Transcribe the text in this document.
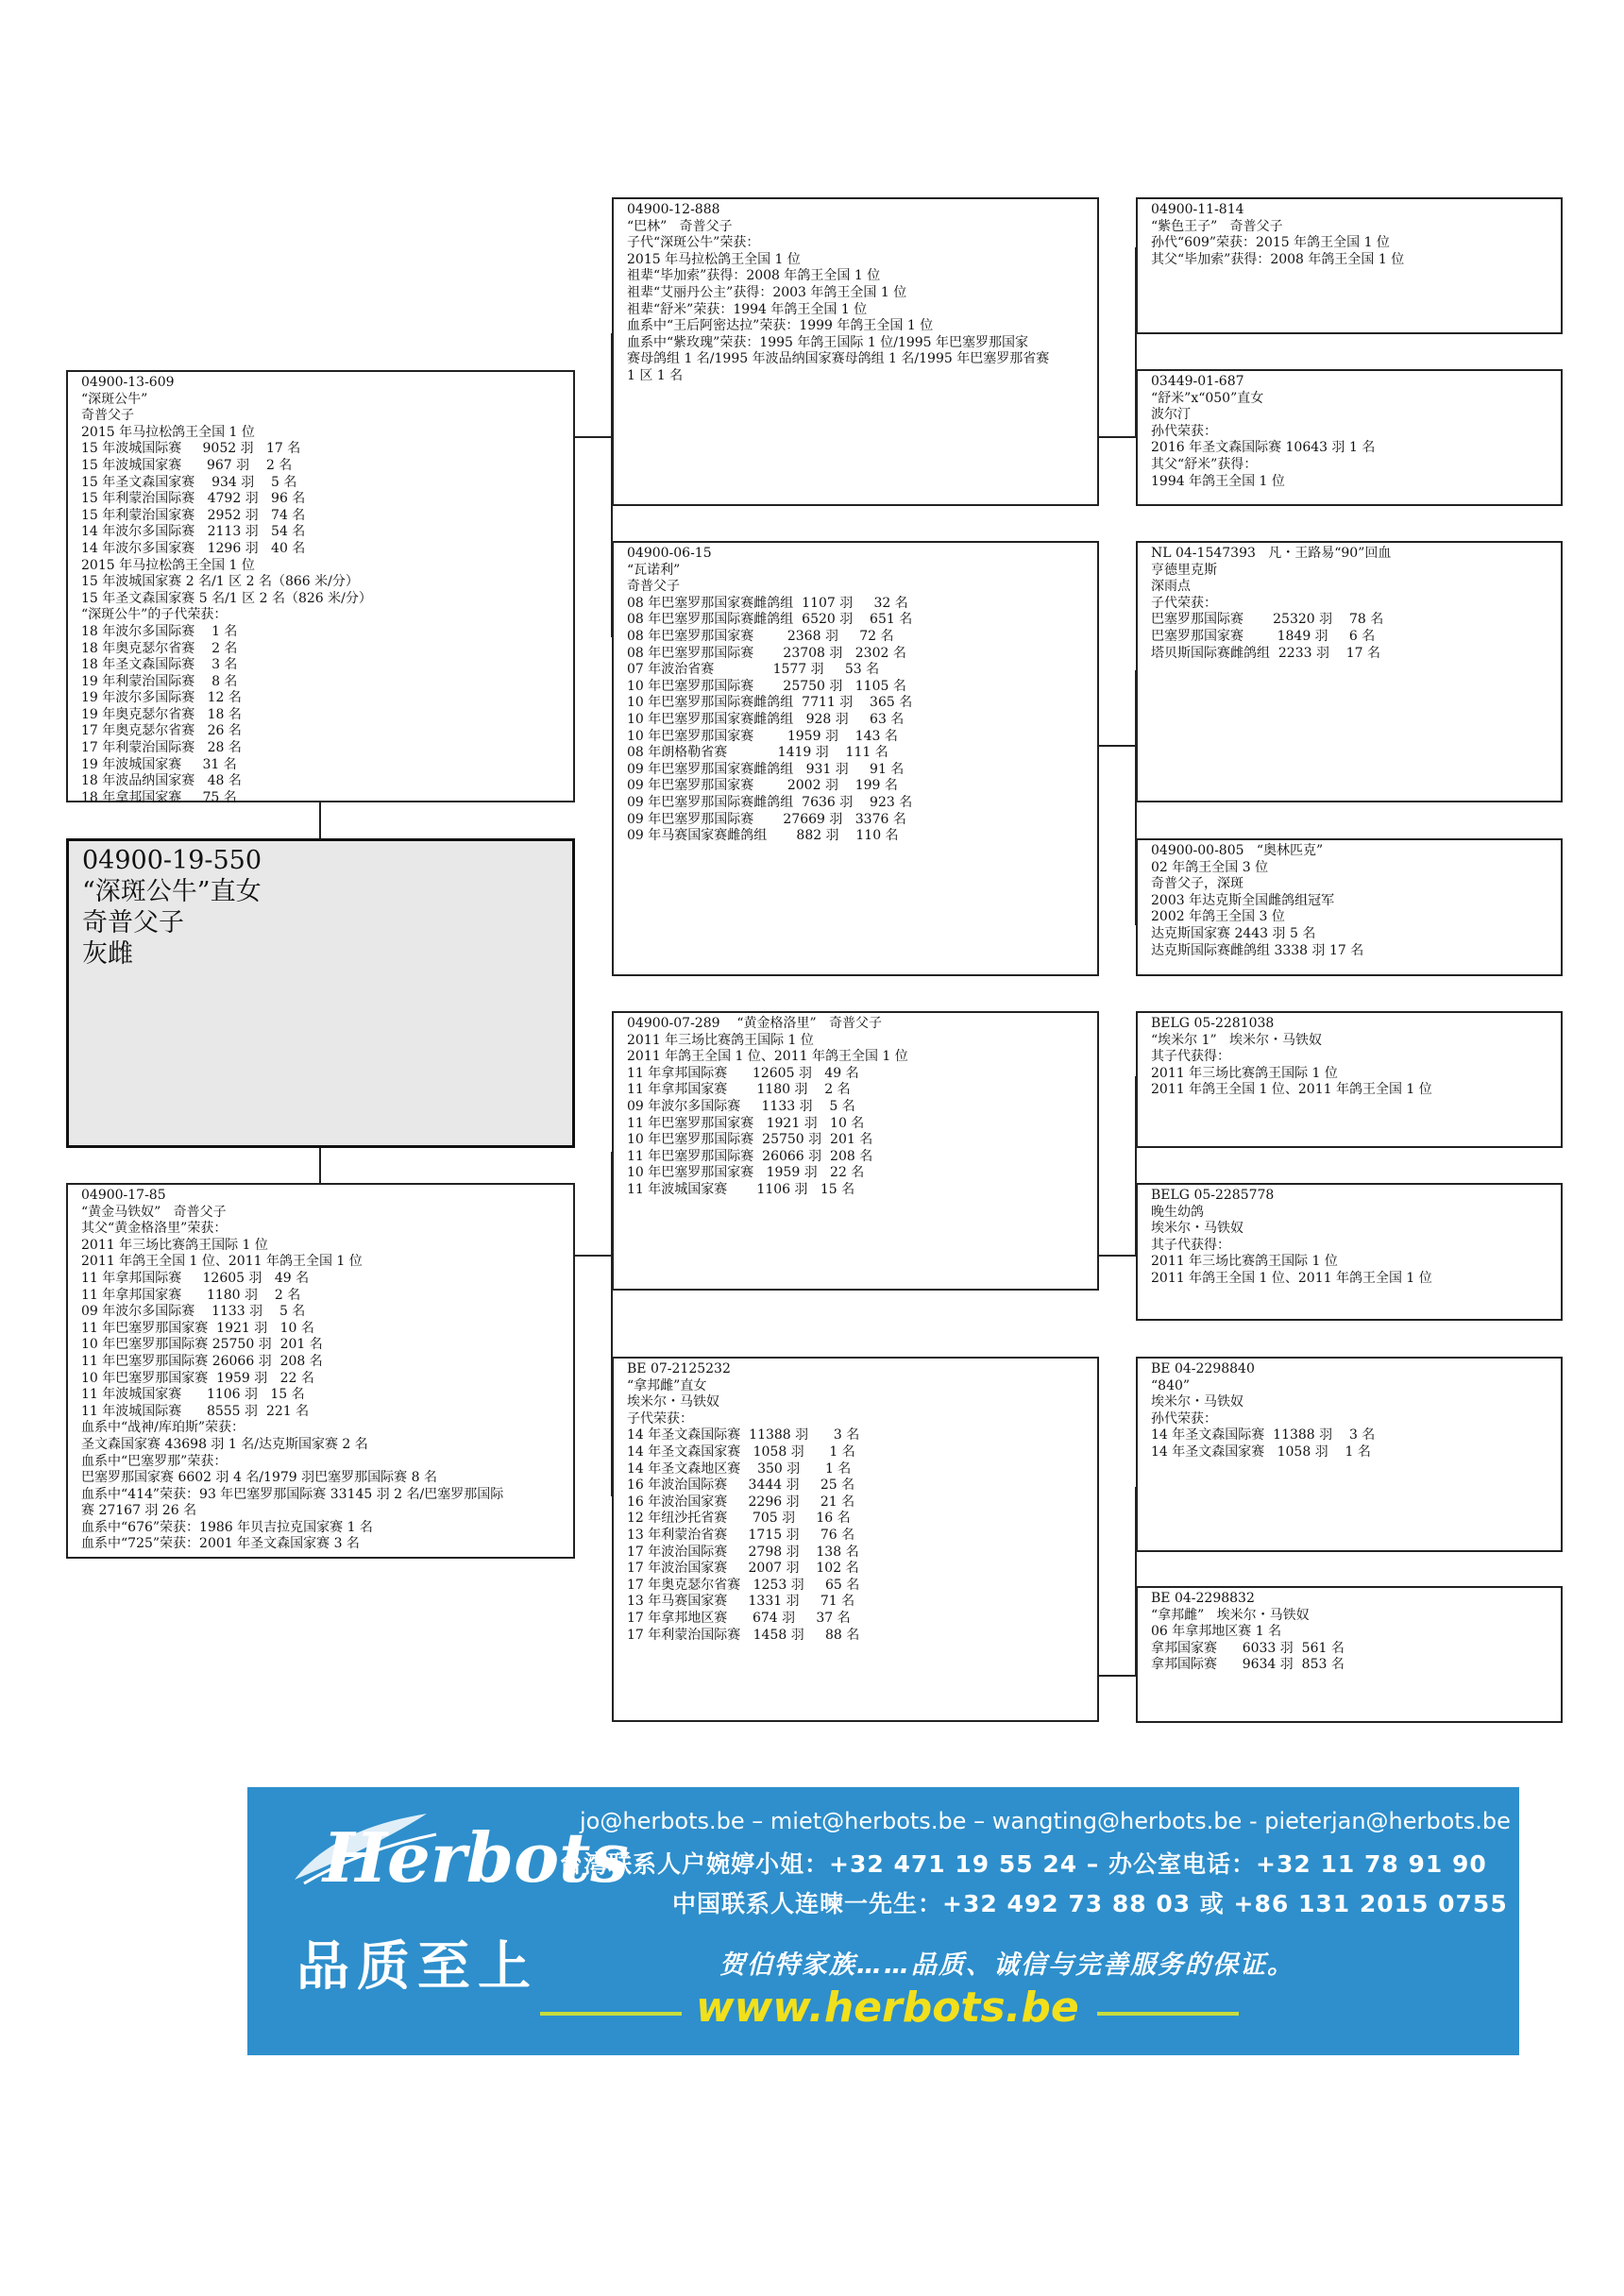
04900-19-550
“深斑公牛”直女
奇普父子
灰雌
04900-13-609
“深斑公牛”
奇普父子
2015 年马拉松鸽王全国 1 位
15 年波城国际赛     9052 羽   17 名
15 年波城国家赛      967 羽    2 名
15 年圣文森国家赛    934 羽    5 名
15 年利蒙治国际赛   4792 羽   96 名
15 年利蒙治国家赛   2952 羽   74 名
14 年波尔多国际赛   2113 羽   54 名
14 年波尔多国家赛   1296 羽   40 名
2015 年马拉松鸽王全国 1 位
15 年波城国家赛 2 名/1 区 2 名（866 米/分）
15 年圣文森国家赛 5 名/1 区 2 名（826 米/分）
“深斑公牛”的子代荣获：
18 年波尔多国际赛    1 名
18 年奥克瑟尔省赛    2 名
18 年圣文森国际赛    3 名
19 年利蒙治国际赛    8 名
19 年波尔多国际赛   12 名
19 年奥克瑟尔省赛   18 名
17 年奥克瑟尔省赛   26 名
17 年利蒙治国际赛   28 名
19 年波城国家赛     31 名
18 年波品纳国家赛   48 名
18 年拿邦国家赛     75 名
04900-17-85
“黄金马铁奴”   奇普父子
其父“黄金格洛里”荣获：
2011 年三场比赛鸽王国际 1 位
2011 年鸽王全国 1 位、2011 年鸽王全国 1 位
11 年拿邦国际赛     12605 羽   49 名
11 年拿邦国家赛      1180 羽    2 名
09 年波尔多国际赛    1133 羽    5 名
11 年巴塞罗那国家赛  1921 羽   10 名
10 年巴塞罗那国际赛 25750 羽  201 名
11 年巴塞罗那国际赛 26066 羽  208 名
10 年巴塞罗那国家赛  1959 羽   22 名
11 年波城国家赛      1106 羽   15 名
11 年波城国际赛      8555 羽  221 名
血系中“战神/库珀斯”荣获：
圣文森国家赛 43698 羽 1 名/达克斯国家赛 2 名
血系中“巴塞罗那”荣获：
巴塞罗那国家赛 6602 羽 4 名/1979 羽巴塞罗那国际赛 8 名
血系中“414”荣获：93 年巴塞罗那国际赛 33145 羽 2 名/巴塞罗那国际
赛 27167 羽 26 名
血系中“676”荣获：1986 年贝吉拉克国家赛 1 名
血系中“725”荣获：2001 年圣文森国家赛 3 名
04900-12-888
“巴林”   奇普父子
子代“深斑公牛”荣获：
2015 年马拉松鸽王全国 1 位
祖辈“毕加索”获得：2008 年鸽王全国 1 位
祖辈“艾丽丹公主”获得：2003 年鸽王全国 1 位
祖辈“舒米”荣获：1994 年鸽王全国 1 位
血系中“王后阿密达拉”荣获：1999 年鸽王全国 1 位
血系中“紫玫瑰”荣获：1995 年鸽王国际 1 位/1995 年巴塞罗那国家
赛母鸽组 1 名/1995 年波品纳国家赛母鸽组 1 名/1995 年巴塞罗那省赛
1 区 1 名
04900-06-15
“瓦诺利”
奇普父子
08 年巴塞罗那国家赛雌鸽组  1107 羽     32 名
08 年巴塞罗那国际赛雌鸽组  6520 羽    651 名
08 年巴塞罗那国家赛        2368 羽     72 名
08 年巴塞罗那国际赛       23708 羽   2302 名
07 年波治省赛              1577 羽     53 名
10 年巴塞罗那国际赛       25750 羽   1105 名
10 年巴塞罗那国际赛雌鸽组  7711 羽    365 名
10 年巴塞罗那国家赛雌鸽组   928 羽     63 名
10 年巴塞罗那国家赛        1959 羽    143 名
08 年朗格勒省赛            1419 羽    111 名
09 年巴塞罗那国家赛雌鸽组   931 羽     91 名
09 年巴塞罗那国家赛        2002 羽    199 名
09 年巴塞罗那国际赛雌鸽组  7636 羽    923 名
09 年巴塞罗那国际赛       27669 羽   3376 名
09 年马赛国家赛雌鸽组       882 羽    110 名
04900-07-289    “黄金格洛里”   奇普父子
2011 年三场比赛鸽王国际 1 位
2011 年鸽王全国 1 位、2011 年鸽王全国 1 位
11 年拿邦国际赛      12605 羽   49 名
11 年拿邦国家赛       1180 羽    2 名
09 年波尔多国际赛     1133 羽    5 名
11 年巴塞罗那国家赛   1921 羽   10 名
10 年巴塞罗那国际赛  25750 羽  201 名
11 年巴塞罗那国际赛  26066 羽  208 名
10 年巴塞罗那国家赛   1959 羽   22 名
11 年波城国家赛       1106 羽   15 名
BE 07-2125232
“拿邦雌”直女
埃米尔・马铁奴
子代荣获：
14 年圣文森国际赛  11388 羽      3 名
14 年圣文森国家赛   1058 羽      1 名
14 年圣文森地区赛    350 羽      1 名
16 年波治国际赛     3444 羽     25 名
16 年波治国家赛     2296 羽     21 名
12 年纽沙托省赛      705 羽     16 名
13 年利蒙治省赛     1715 羽     76 名
17 年波治国际赛     2798 羽    138 名
17 年波治国家赛     2007 羽    102 名
17 年奥克瑟尔省赛   1253 羽     65 名
13 年马赛国家赛     1331 羽     71 名
17 年拿邦地区赛      674 羽     37 名
17 年利蒙治国际赛   1458 羽     88 名
04900-11-814
“紫色王子”   奇普父子
孙代“609”荣获：2015 年鸽王全国 1 位
其父“毕加索”获得：2008 年鸽王全国 1 位
03449-01-687
“舒米”x“050”直女
波尔汀
孙代荣获：
2016 年圣文森国际赛 10643 羽 1 名
其父“舒米”获得：
1994 年鸽王全国 1 位
NL 04-1547393   凡・王路易“90”回血
亨德里克斯
深雨点
子代荣获：
巴塞罗那国际赛       25320 羽    78 名
巴塞罗那国家赛        1849 羽     6 名
塔贝斯国际赛雌鸽组  2233 羽    17 名
04900-00-805   “奥林匹克”
02 年鸽王全国 3 位
奇普父子，深斑
2003 年达克斯全国雌鸽组冠军
2002 年鸽王全国 3 位
达克斯国家赛 2443 羽 5 名
达克斯国际赛雌鸽组 3338 羽 17 名
BELG 05-2281038
“埃米尔 1”   埃米尔・马铁奴
其子代获得：
2011 年三场比赛鸽王国际 1 位
2011 年鸽王全国 1 位、2011 年鸽王全国 1 位
BELG 05-2285778
晚生幼鸽
埃米尔・马铁奴
其子代获得：
2011 年三场比赛鸽王国际 1 位
2011 年鸽王全国 1 位、2011 年鸽王全国 1 位
BE 04-2298840
“840”
埃米尔・马铁奴
孙代荣获：
14 年圣文森国际赛  11388 羽    3 名
14 年圣文森国家赛   1058 羽    1 名
BE 04-2298832
“拿邦雌”   埃米尔・马铁奴
06 年拿邦地区赛 1 名
拿邦国家赛      6033 羽  561 名
拿邦国际赛      9634 羽  853 名
Herbots
品质至上
jo@herbots.be – miet@herbots.be – wangting@herbots.be - pieterjan@herbots.be
台湾联系人户婉婷小姐：+32 471 19 55 24 – 办公室电话：+32 11 78 91 90
中国联系人连暕一先生：+32 492 73 88 03 或 +86 131 2015 0755
贺伯特家族……品质、诚信与完善服务的保证。
www.herbots.be
